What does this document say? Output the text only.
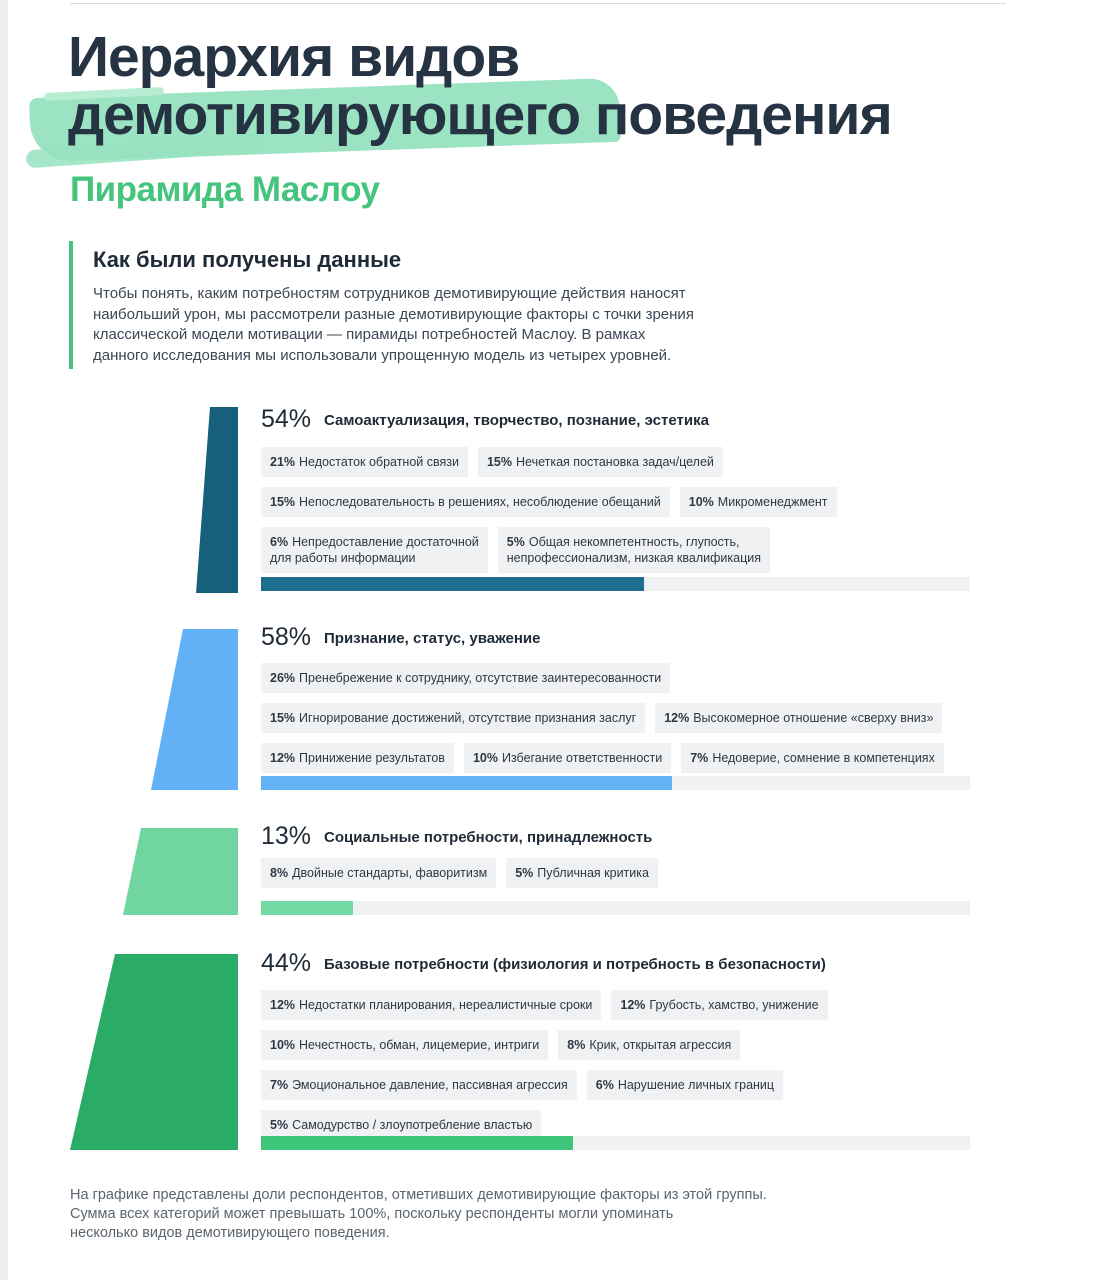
Иерархия видов
демотивирующего поведения
Пирамида Маслоу
Как были получены данные

Чтобы понять, каким потребностям сотрудников демотивирующие действия наносят
наибольший урон, мы рассмотрели разные демотивирующие факторы с точки зрения
классической модели мотивации — пирамиды потребностей Маслоу. В рамках
данного исследования мы использовали упрощенную модель из четырех уровней.

54% Самоактуализация, творчество, познание, эстетика
21% Недостаток обратной связи	15% Нечеткая постановка задач/целей
15% Непоследовательность в решениях, несоблюдение обещаний	10% Микроменеджмент
6% Непредоставление достаточной
для работы информации
5% Общая некомпетентность, глупость,
непрофессионализм, низкая квалификация
58% Признание, статус, уважение
26% Пренебрежение к сотруднику, отсутствие заинтересованности
15% Игнорирование достижений, отсутствие признания заслуг	12% Высокомерное отношение «сверху вниз»
12% Принижение результатов	10% Избегание ответственности	7% Недоверие, сомнение в компетенциях
13% Социальные потребности, принадлежность
8% Двойные стандарты, фаворитизм	5% Публичная критика
44% Базовые потребности (физиология и потребность в безопасности)
12% Недостатки планирования, нереалистичные сроки	12% Грубость, хамство, унижение
10% Нечестность, обман, лицемерие, интриги	8% Крик, открытая агрессия
7% Эмоциональное давление, пассивная агрессия	6% Нарушение личных границ
5% Самодурство / злоупотребление властью

На графике представлены доли респондентов, отметивших демотивирующие факторы из этой группы.
Сумма всех категорий может превышать 100%, поскольку респонденты могли упоминать
несколько видов демотивирующего поведения.
